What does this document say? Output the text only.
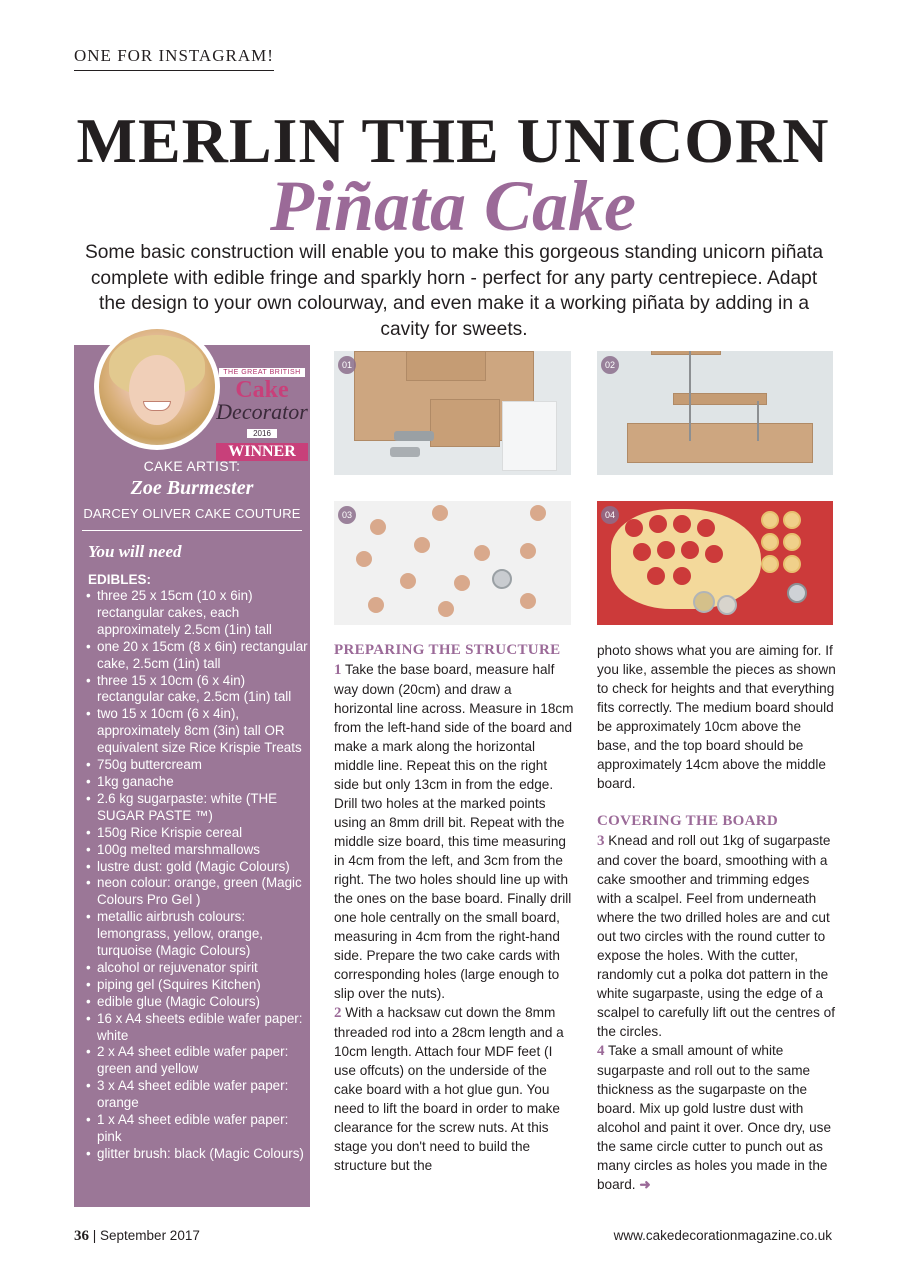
ONE FOR INSTAGRAM!
MERLIN THE UNICORN
Piñata Cake

Some basic construction will enable you to make this gorgeous standing unicorn piñata complete with edible fringe and sparkly horn - perfect for any party centrepiece. Adapt the design to your own colourway, and even make it a working piñata by adding in a cavity for sweets.

THE GREAT BRITISH
Cake
Decorator
2016
WINNER
CAKE ARTIST:
Zoe Burmester
DARCEY OLIVER CAKE COUTURE
You will need
EDIBLES:
• three 25 x 15cm (10 x 6in) rectangular cakes, each approximately 2.5cm (1in) tall
• one 20 x 15cm (8 x 6in) rectangular cake, 2.5cm (1in) tall
• three 15 x 10cm (6 x 4in) rectangular cake, 2.5cm (1in) tall
• two 15 x 10cm (6 x 4in), approximately 8cm (3in) tall OR equivalent size Rice Krispie Treats
• 750g buttercream
• 1kg ganache
• 2.6 kg sugarpaste: white (THE SUGAR PASTE ™)
• 150g Rice Krispie cereal
• 100g melted marshmallows
• lustre dust: gold (Magic Colours)
• neon colour: orange, green (Magic Colours Pro Gel )
• metallic airbrush colours: lemongrass, yellow, orange, turquoise (Magic Colours)
• alcohol or rejuvenator spirit
• piping gel (Squires Kitchen)
• edible glue (Magic Colours)
• 16 x A4 sheets edible wafer paper: white
• 2 x A4 sheet edible wafer paper: green and yellow
• 3 x A4 sheet edible wafer paper: orange
• 1 x A4 sheet edible wafer paper: pink
• glitter brush: black (Magic Colours)
01	02
03	04
PREPARING THE STRUCTURE

1 Take the base board, measure half way down (20cm) and draw a horizontal line across. Measure in 18cm from the left-hand side of the board and make a mark along the horizontal middle line. Repeat this on the right side but only 13cm in from the edge. Drill two holes at the marked points using an 8mm drill bit. Repeat with the middle size board, this time measuring in 4cm from the left, and 3cm from the right. The two holes should line up with the ones on the base board. Finally drill one hole centrally on the small board, measuring in 4cm from the right-hand side. Prepare the two cake cards with corresponding holes (large enough to slip over the nuts).

2 With a hacksaw cut down the 8mm threaded rod into a 28cm length and a 10cm length. Attach four MDF feet (I use offcuts) on the underside of the cake board with a hot glue gun. You need to lift the board in order to make clearance for the screw nuts. At this stage you don't need to build the structure but the

photo shows what you are aiming for. If you like, assemble the pieces as shown to check for heights and that everything fits correctly. The medium board should be approximately 10cm above the base, and the top board should be approximately 14cm above the middle board.

COVERING THE BOARD

3 Knead and roll out 1kg of sugarpaste and cover the board, smoothing with a cake smoother and trimming edges with a scalpel. Feel from underneath where the two drilled holes are and cut out two circles with the round cutter to expose the holes. With the cutter, randomly cut a polka dot pattern in the white sugarpaste, using the edge of a scalpel to carefully lift out the centres of the circles.

4 Take a small amount of white sugarpaste and roll out to the same thickness as the sugarpaste on the board. Mix up gold lustre dust with alcohol and paint it over. Once dry, use the same circle cutter to punch out as many circles as holes you made in the board. ➜

36 | September 2017	www.cakedecorationmagazine.co.uk
